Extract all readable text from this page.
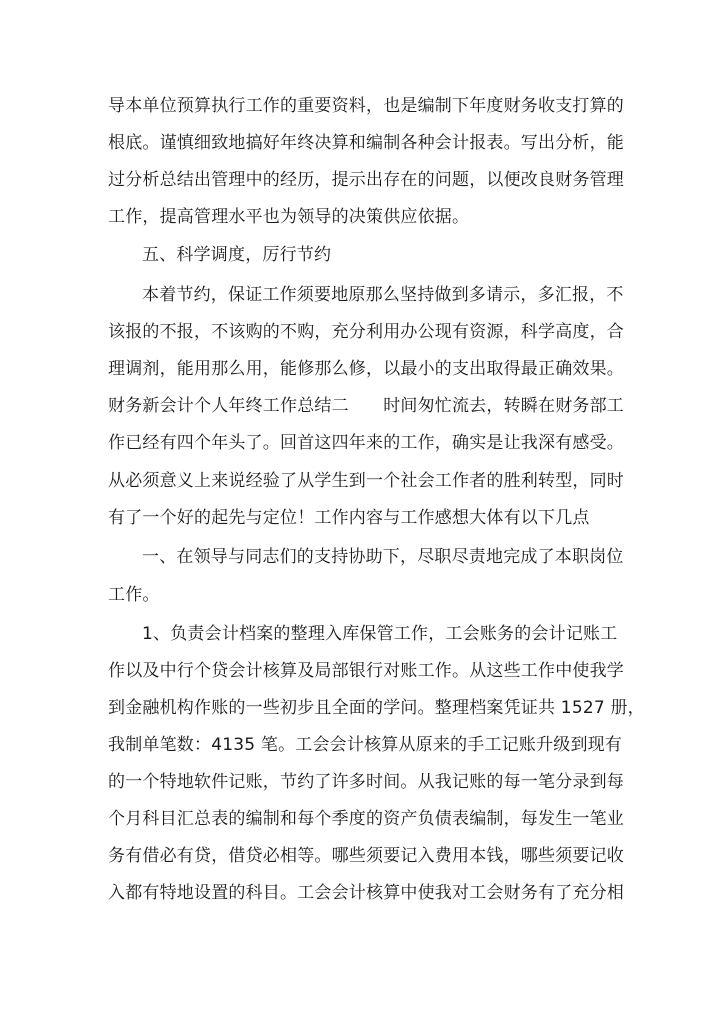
导本单位预算执行工作的重要资料，也是编制下年度财务收支打算的
根底。谨慎细致地搞好年终决算和编制各种会计报表。写出分析，能
过分析总结出管理中的经历，提示出存在的问题，以便改良财务管理
工作，提高管理水平也为领导的决策供应依据。
五、科学调度，厉行节约
本着节约，保证工作须要地原那么坚持做到多请示，多汇报，不
该报的不报，不该购的不购，充分利用办公现有资源，科学高度，合
理调剂，能用那么用，能修那么修，以最小的支出取得最正确效果。
财务新会计个人年终工作总结二　　时间匆忙流去，转瞬在财务部工
作已经有四个年头了。回首这四年来的工作，确实是让我深有感受。
从必须意义上来说经验了从学生到一个社会工作者的胜利转型，同时
有了一个好的起先与定位！工作内容与工作感想大体有以下几点
一、在领导与同志们的支持协助下，尽职尽责地完成了本职岗位
工作。
1、负责会计档案的整理入库保管工作，工会账务的会计记账工
作以及中行个贷会计核算及局部银行对账工作。从这些工作中使我学
到金融机构作账的一些初步且全面的学问。整理档案凭证共 1527 册，
我制单笔数：4135 笔。工会会计核算从原来的手工记账升级到现有
的一个特地软件记账，节约了许多时间。从我记账的每一笔分录到每
个月科目汇总表的编制和每个季度的资产负债表编制，每发生一笔业
务有借必有贷，借贷必相等。哪些须要记入费用本钱，哪些须要记收
入都有特地设置的科目。工会会计核算中使我对工会财务有了充分相
